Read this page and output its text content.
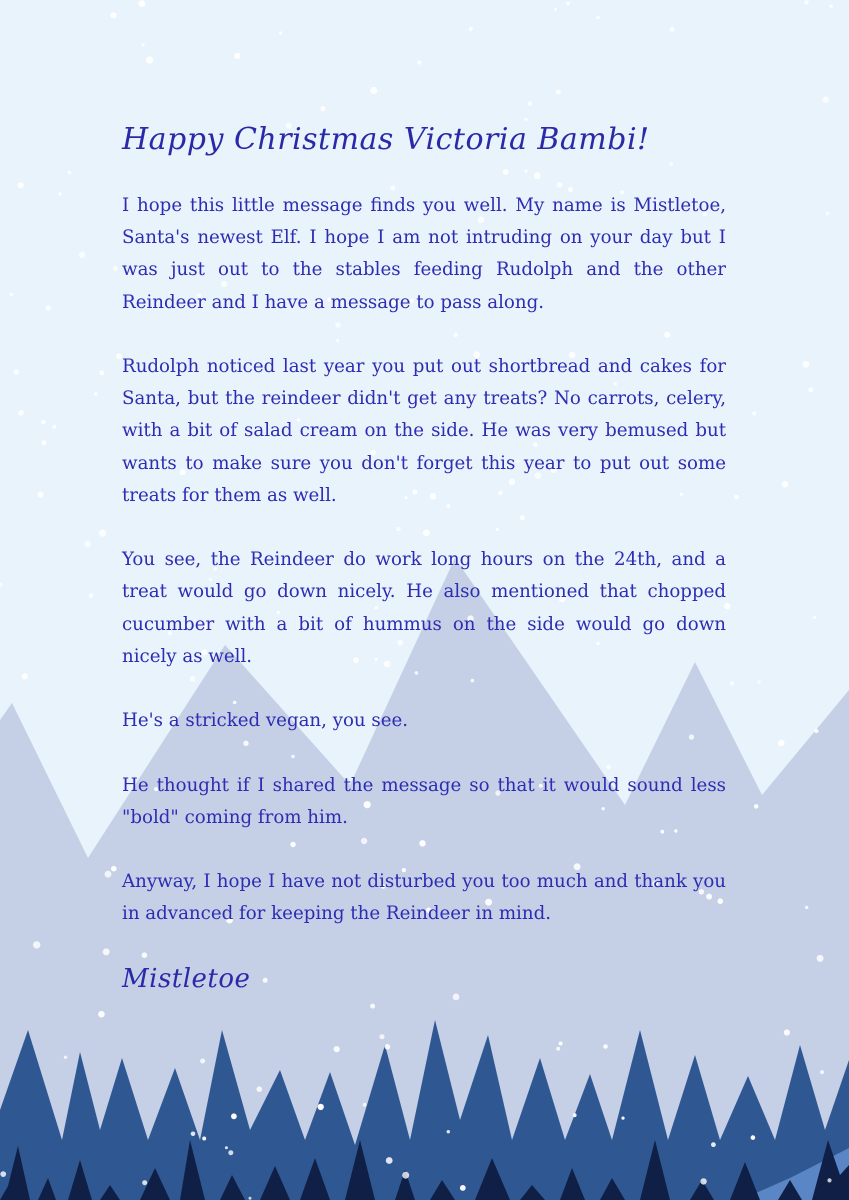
Happy Christmas Victoria Bambi!

I hope this little message finds you well. My name is Mistletoe, Santa's newest Elf. I hope I am not intruding on your day but I was just out to the stables feeding Rudolph and the other Reindeer and I have a message to pass along.

Rudolph noticed last year you put out shortbread and cakes for Santa, but the reindeer didn't get any treats? No carrots, celery, with a bit of salad cream on the side. He was very bemused but wants to make sure you don't forget this year to put out some treats for them as well.

You see, the Reindeer do work long hours on the 24th, and a treat would go down nicely. He also mentioned that chopped cucumber with a bit of hummus on the side would go down nicely as well.

He's a stricked vegan, you see.

He thought if I shared the message so that it would sound less "bold" coming from him.

Anyway, I hope I have not disturbed you too much and thank you in advanced for keeping the Reindeer in mind.

Mistletoe
